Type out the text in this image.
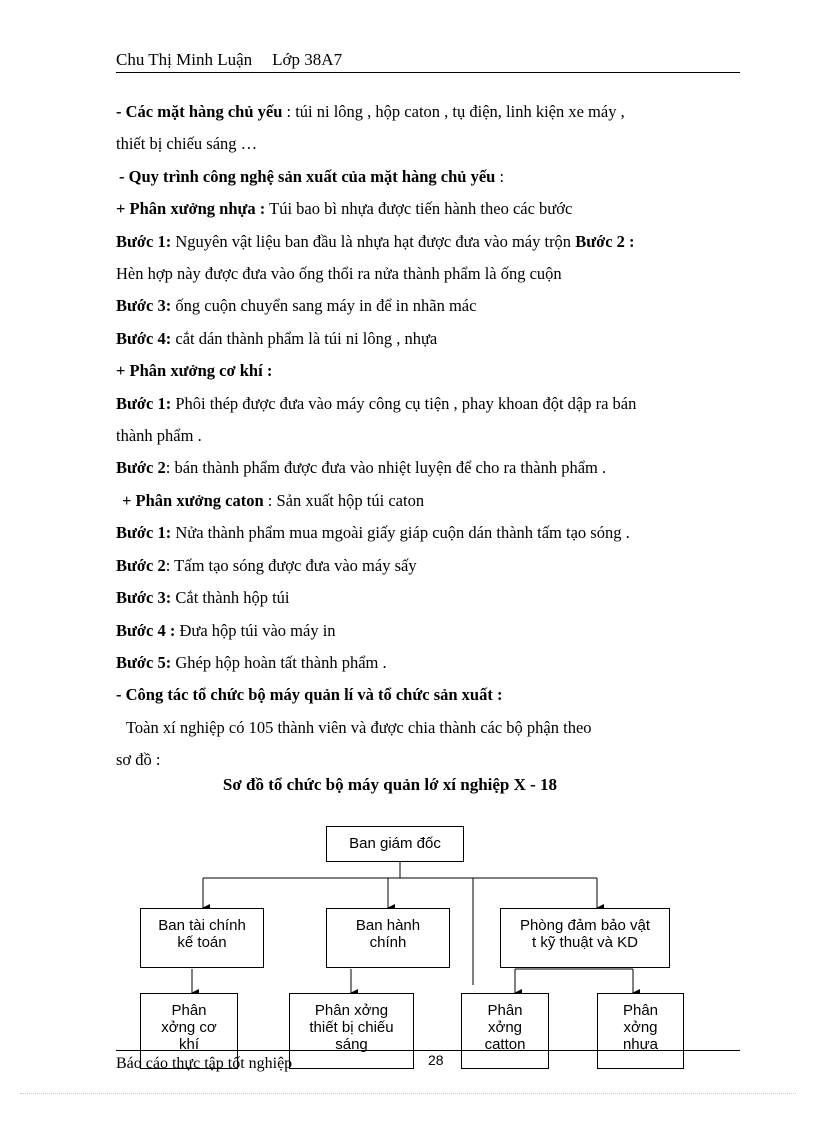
Chu Thị Minh Luận Lớp 38A7
- Các mặt hàng chủ yếu : túi ni lông , hộp caton , tụ điện, linh kiện xe máy ,
thiết bị chiếu sáng …
- Quy trình công nghệ sản xuất của mặt hàng chủ yếu :
+ Phân xưởng nhựa : Túi bao bì nhựa được tiến hành theo các bước
Bước 1: Nguyên vật liệu ban đầu là nhựa hạt được đưa vào máy trộn Bước 2 :
Hèn hợp này được đưa vào ống thổi ra nửa thành phẩm là ống cuộn
Bước 3: ống cuộn chuyển sang máy in để in nhãn mác
Bước 4: cắt dán thành phẩm là túi ni lông , nhựa
+ Phân xưởng cơ khí :
Bước 1: Phôi thép được đưa vào máy công cụ tiện , phay khoan đột dập ra bán
thành phẩm .
Bước 2: bán thành phẩm được đưa vào nhiệt luyện để cho ra thành phẩm .
+ Phân xưởng caton : Sản xuất hộp túi caton
Bước 1: Nửa thành phẩm mua mgoài giấy giáp cuộn dán thành tấm tạo sóng .
Bước 2: Tấm tạo sóng được đưa vào máy sấy
Bước 3: Cắt thành hộp túi
Bước 4 : Đưa hộp túi vào máy in
Bước 5: Ghép hộp hoàn tất thành phẩm .
- Công tác tổ chức bộ máy quản lí và tổ chức sản xuất :
Toàn xí nghiệp có 105 thành viên và được chia thành các bộ phận theo
sơ đồ :
Sơ đồ tổ chức bộ máy quản lớ xí nghiệp X - 18
Ban giám đốc
Ban tài chính
kế toán
Ban hành
chính
Phòng đảm bảo vật
t kỹ thuật và KD
Phân
xởng cơ
khí
Phân xởng
thiết bị chiếu
sáng
Phân
xởng
catton
Phân
xởng
nhựa
Báo cáo thực tập tốt nghiệp	28
